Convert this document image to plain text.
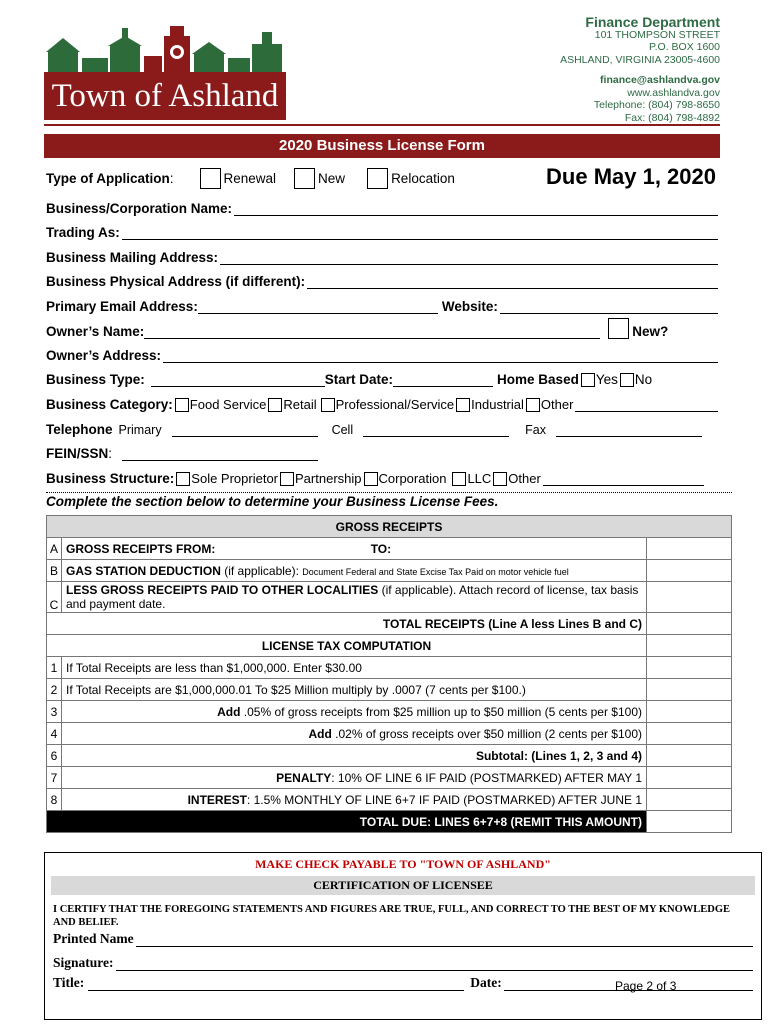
Town of Ashland
Finance Department
101 THOMPSON STREET
P.O. BOX 1600
ASHLAND, VIRGINIA 23005-4600
finance@ashlandva.gov
www.ashlandva.gov
Telephone: (804) 798-8650
Fax: (804) 798-4892
2020 Business License Form
Type of Application :	Renewal	New	Relocation	Due May 1, 2020
Business/Corporation Name:
Trading As:
Business Mailing Address:
Business Physical Address (if different):
Primary Email Address:	Website:
Owner’s Name:	New?
Owner’s Address:
Business Type:	Start Date:	Home Based Yes No
Business Category: Food Service Retail Professional/Service Industrial Other
Telephone Primary	Cell	Fax
FEIN/SSN :
Business Structure: Sole Proprietor Partnership Corporation LLC Other
Complete the section below to determine your Business License Fees.
GROSS RECEIPTS		
A	GROSS RECEIPTS FROM: TO:	
B	GAS STATION DEDUCTION (if applicable): Document Federal and State Excise Tax Paid on motor vehicle fuel	
C	LESS GROSS RECEIPTS PAID TO OTHER LOCALITIES (if applicable). Attach record of license, tax basis and payment date.	
	TOTAL RECEIPTS (Line A less Lines B and C)	
LICENSE TAX COMPUTATION		
1	If Total Receipts are less than $1,000,000. Enter $30.00	
2	If Total Receipts are $1,000,000.01 To $25 Million multiply by .0007 (7 cents per $100.)	
3	Add .05% of gross receipts from $25 million up to $50 million (5 cents per $100)	
4	Add .02% of gross receipts over $50 million (2 cents per $100)	
6	Subtotal: (Lines 1, 2, 3 and 4)	
7	PENALTY: 10% OF LINE 6 IF PAID (POSTMARKED) AFTER MAY 1	
8	INTEREST: 1.5% MONTHLY OF LINE 6+7 IF PAID (POSTMARKED) AFTER JUNE 1	
TOTAL DUE: LINES 6+7+8 (REMIT THIS AMOUNT)		
MAKE CHECK PAYABLE TO "TOWN OF ASHLAND"
CERTIFICATION OF LICENSEE
I CERTIFY THAT THE FOREGOING STATEMENTS AND FIGURES ARE TRUE, FULL, AND CORRECT TO THE BEST OF MY KNOWLEDGE AND BELIEF.
Printed Name
Signature:
Title:	Date:	Page 2 of 3
